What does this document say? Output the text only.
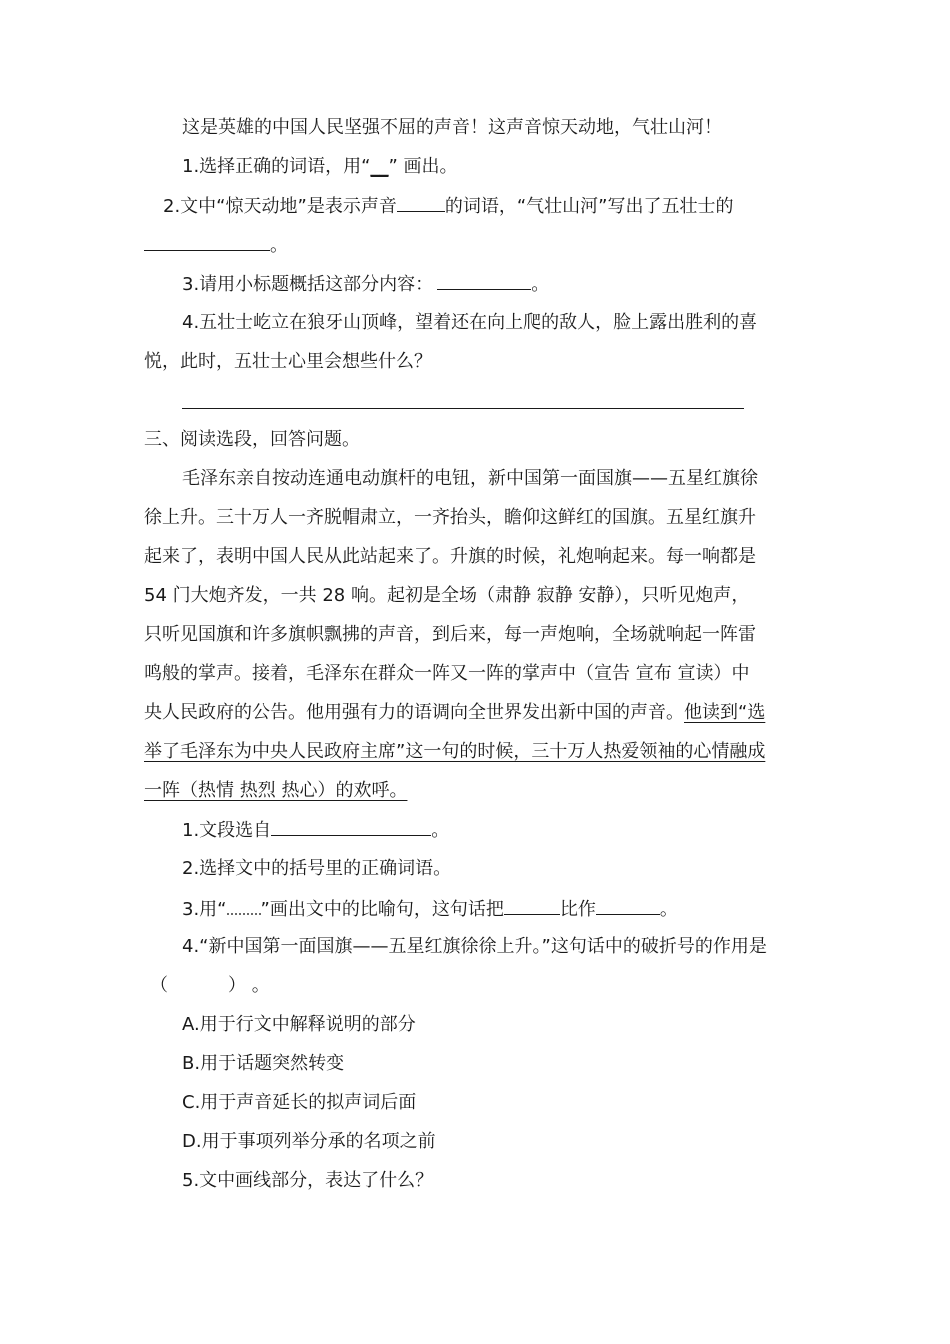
这是英雄的中国人民坚强不屈的声音！这声音惊天动地，气壮山河！
1.选择正确的词语，用“__” 画出。
2.文中“惊天动地”是表示声音	的词语，“气壮山河”写出了五壮士的
。
3.请用小标题概括这部分内容：	。
4.五壮士屹立在狼牙山顶峰，望着还在向上爬的敌人，脸上露出胜利的喜
悦，此时，五壮士心里会想些什么？
三、阅读选段，回答问题。
毛泽东亲自按动连通电动旗杆的电钮，新中国第一面国旗——五星红旗徐
徐上升。三十万人一齐脱帽肃立，一齐抬头，瞻仰这鲜红的国旗。五星红旗升
起来了，表明中国人民从此站起来了。升旗的时候，礼炮响起来。每一响都是
54 门大炮齐发，一共 28 响。起初是全场（肃静 寂静 安静），只听见炮声，
只听见国旗和许多旗帜飘拂的声音，到后来，每一声炮响，全场就响起一阵雷
鸣般的掌声。接着，毛泽东在群众一阵又一阵的掌声中（宣告 宣布 宣读）中
央人民政府的公告。他用强有力的语调向全世界发出新中国的声音。他读到“选
举了毛泽东为中央人民政府主席”这一句的时候，三十万人热爱领袖的心情融成
一阵（热情 热烈 热心）的欢呼。
1.文段选自	。
2.选择文中的括号里的正确词语。
3.用“ ”画出文中的比喻句，这句话把	比作	。
4.“新中国第一面国旗——五星红旗徐徐上升。”这句话中的破折号的作用是
（	） 。
A.用于行文中解释说明的部分
B.用于话题突然转变
C.用于声音延长的拟声词后面
D.用于事项列举分承的名项之前
5.文中画线部分，表达了什么？
